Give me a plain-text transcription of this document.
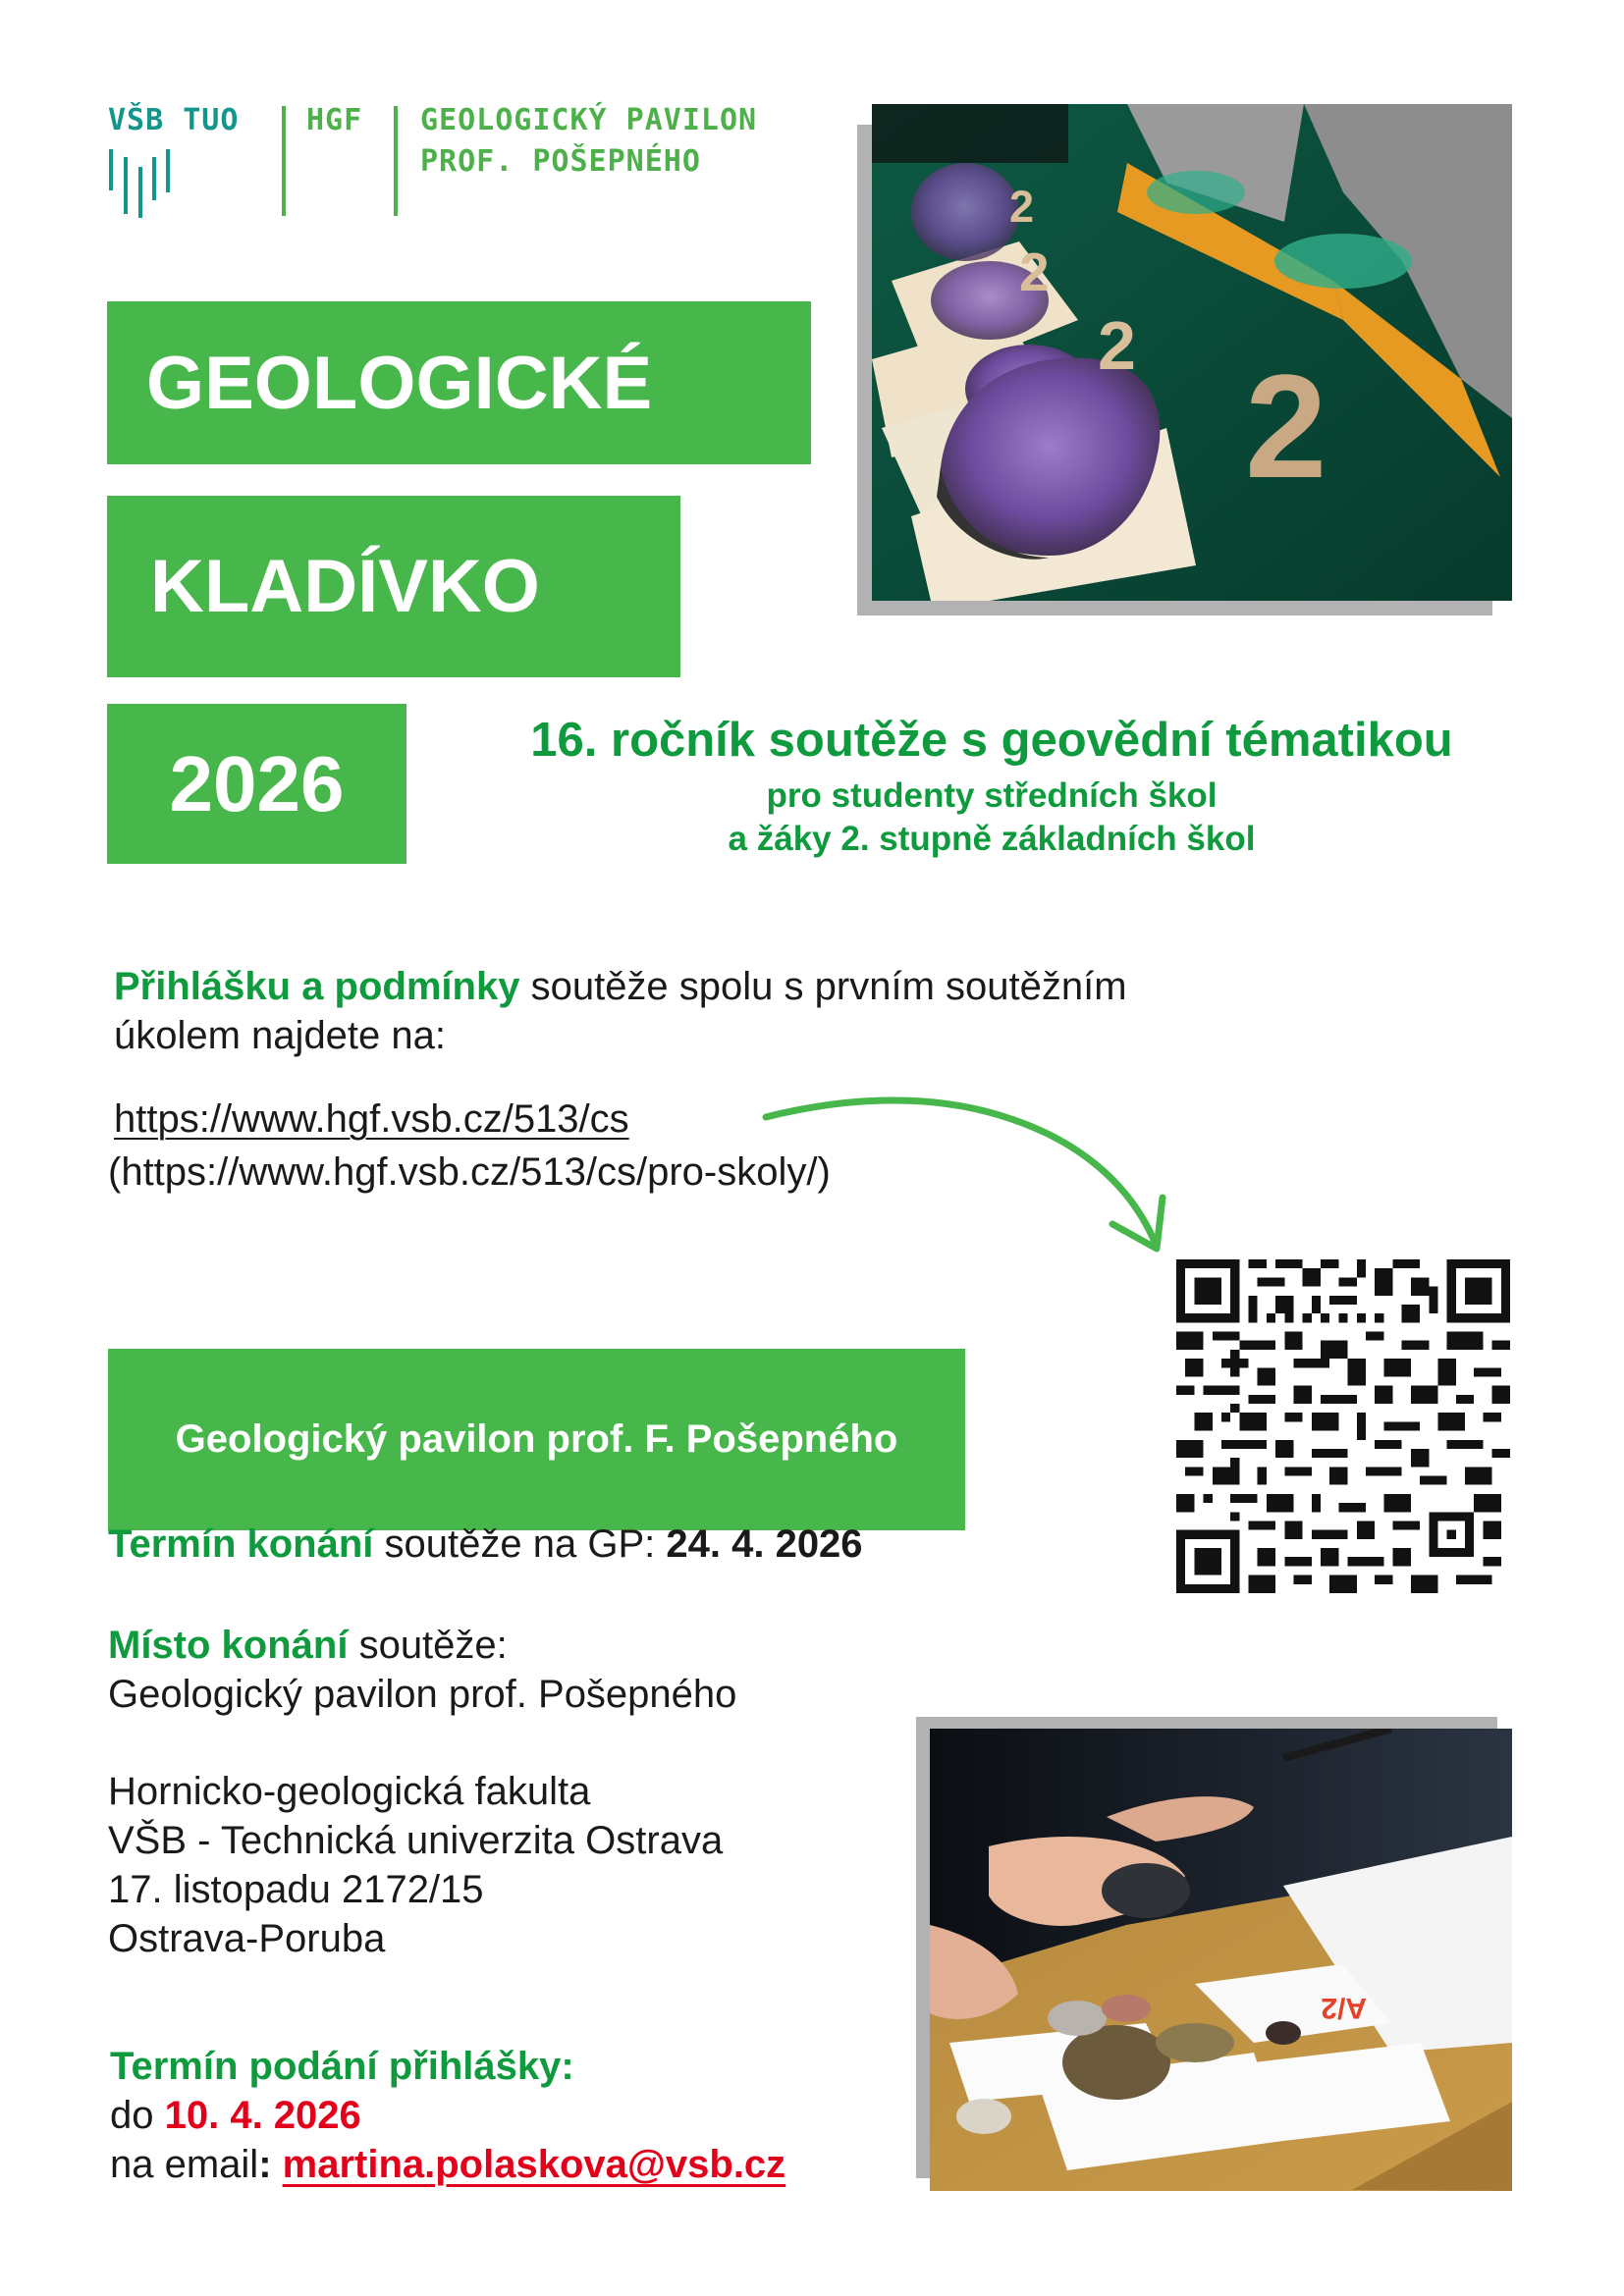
VŠB TUO HGF GEOLOGICKÝ PAVILON
PROF. POŠEPNÉHO
2
2
2
2
GEOLOGICKÉ
KLADÍVKO
2026	16. ročník soutěže s geovědní tématikou
pro studenty středních škol
a žáky 2. stupně základních škol
Přihlášku a podmínky soutěže spolu s prvním soutěžním
úkolem najdete na:
https://www.hgf.vsb.cz/513/cs
(https://www.hgf.vsb.cz/513/cs/pro-skoly/)
Geologický pavilon prof. F. Pošepného
Termín konání soutěže na GP: 24. 4. 2026
Místo konání soutěže:
Geologický pavilon prof. Pošepného
Hornicko-geologická fakulta
VŠB - Technická univerzita Ostrava
17. listopadu 2172/15
Ostrava-Poruba
Termín podání přihlášky:
do 10. 4. 2026
na email: martina.polaskova@vsb.cz
A/2
